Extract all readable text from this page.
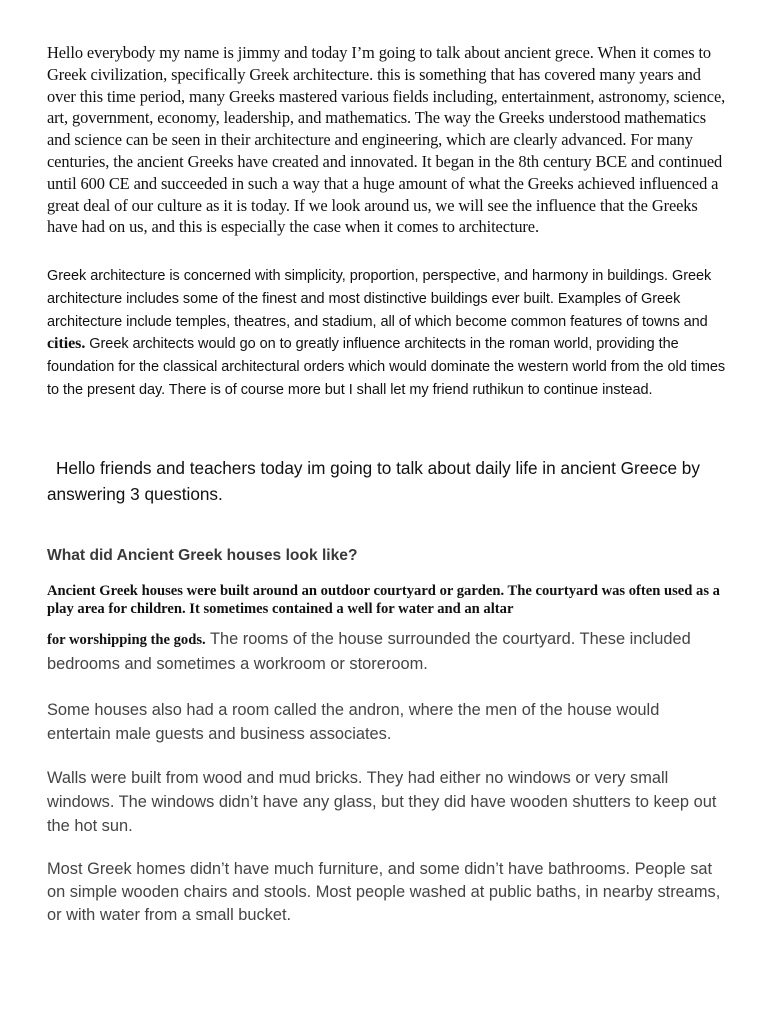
Hello everybody my name is jimmy and today I’m going to talk about ancient grece. When it comes to Greek civilization, specifically Greek architecture. this is something that has covered many years and over this time period, many Greeks mastered various fields including, entertainment, astronomy, science, art, government, economy, leadership, and mathematics. The way the Greeks understood mathematics and science can be seen in their architecture and engineering, which are clearly advanced. For many centuries, the ancient Greeks have created and innovated. It began in the 8th century BCE and continued until 600 CE and succeeded in such a way that a huge amount of what the Greeks achieved influenced a great deal of our culture as it is today. If we look around us, we will see the influence that the Greeks have had on us, and this is especially the case when it comes to architecture.

Greek architecture is concerned with simplicity, proportion, perspective, and harmony in buildings. Greek architecture includes some of the finest and most distinctive buildings ever built. Examples of Greek architecture include temples, theatres, and stadium, all of which become common features of towns and cities. Greek architects would go on to greatly influence architects in the roman world, providing the foundation for the classical architectural orders which would dominate the western world from the old times to the present day. There is of course more but I shall let my friend ruthikun to continue instead.

Hello friends and teachers today im going to talk about daily life in ancient Greece by answering 3 questions.

What did Ancient Greek houses look like?

Ancient Greek houses were built around an outdoor courtyard or garden. The courtyard was often used as a play area for children. It sometimes contained a well for water and an altar

for worshipping the gods. The rooms of the house surrounded the courtyard. These included bedrooms and sometimes a workroom or storeroom.

Some houses also had a room called the andron, where the men of the house would entertain male guests and business associates.

Walls were built from wood and mud bricks. They had either no windows or very small windows. The windows didn’t have any glass, but they did have wooden shutters to keep out the hot sun.

Most Greek homes didn’t have much furniture, and some didn’t have bathrooms. People sat on simple wooden chairs and stools. Most people washed at public baths, in nearby streams, or with water from a small bucket.
